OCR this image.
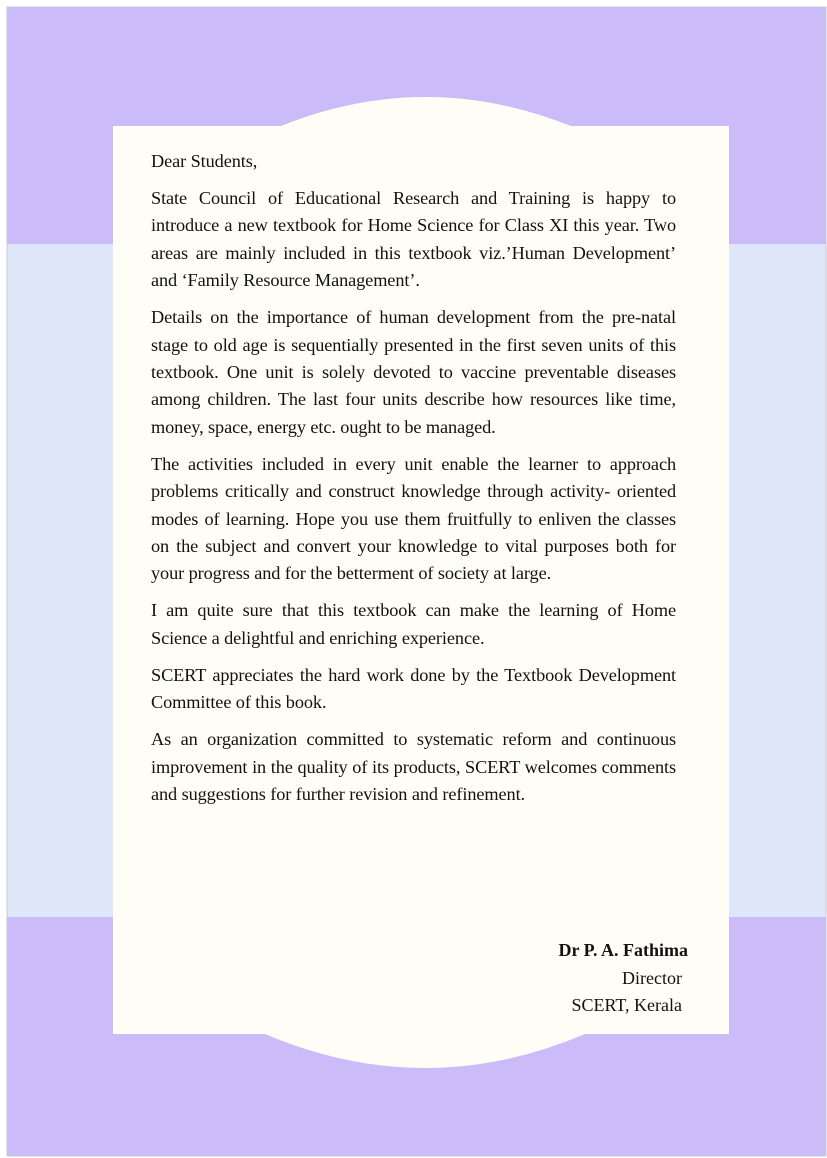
Dear Students,

State Council of Educational Research and Training is happy to introduce a new textbook for Home Science for Class XI this year. Two areas are mainly included in this textbook viz.’Human Development’ and ‘Family Resource Management’.

Details on the importance of human development from the pre-natal stage to old age is sequentially presented in the first seven units of this textbook. One unit is solely devoted to vaccine preventable diseases among children. The last four units describe how resources like time, money, space, energy etc. ought to be managed.

The activities included in every unit enable the learner to approach problems critically and construct knowledge through activity- oriented modes of learning. Hope you use them fruitfully to enliven the classes on the subject and convert your knowledge to vital purposes both for your progress and for the betterment of society at large.

I am quite sure that this textbook can make the learning of Home Science a delightful and enriching experience.

SCERT appreciates the hard work done by the Textbook Development Committee of this book.

As an organization committed to systematic reform and continuous improvement in the quality of its products, SCERT welcomes comments and suggestions for further revision and refinement.

Dr P. A. Fathima
Director
SCERT, Kerala
